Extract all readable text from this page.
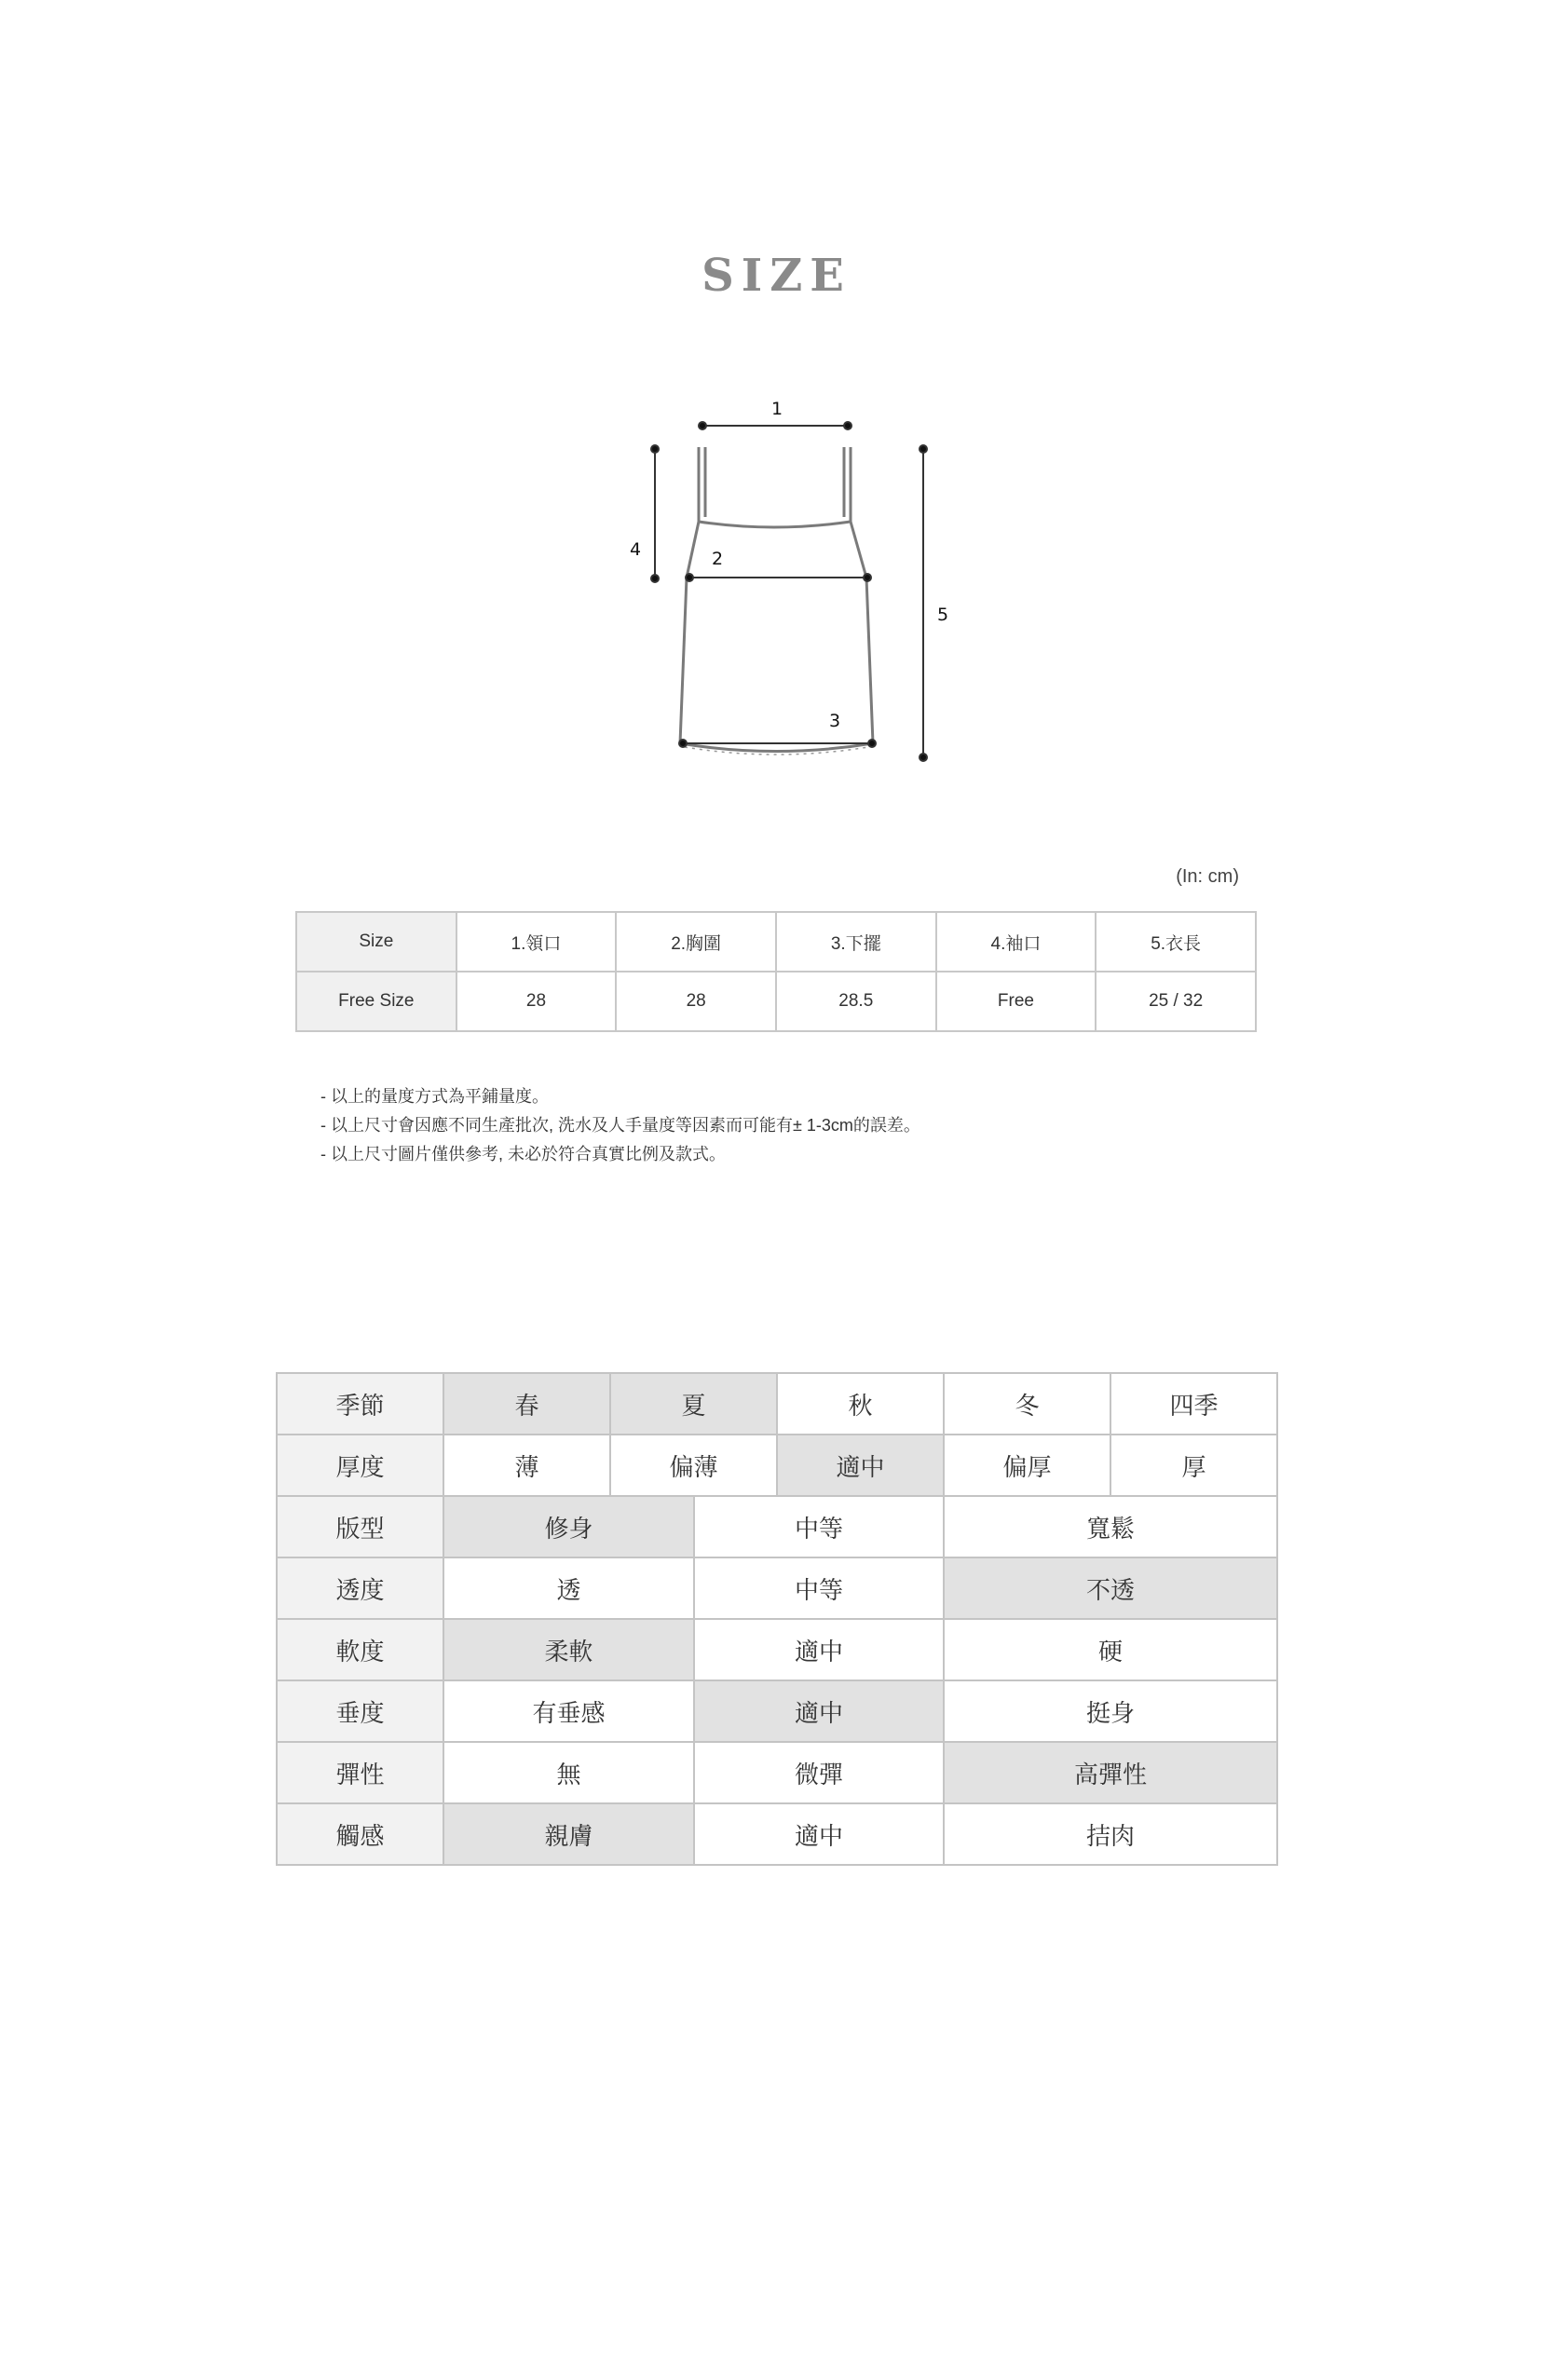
SIZE
1
2
3
4
5
(In: cm)
Size	1.領口	2.胸圍	3.下擺	4.袖口	5.衣長
Free Size	28	28	28.5	Free	25 / 32
- 以上的量度方式為平鋪量度。
- 以上尺寸會因應不同生產批次, 洗水及人手量度等因素而可能有± 1-3cm的誤差。
- 以上尺寸圖片僅供參考, 未必於符合真實比例及款式。
季節	春	夏		秋	冬	四季
厚度	薄	偏薄		適中	偏厚	厚
版型	修身		中等		寬鬆	
透度	透		中等		不透	
軟度	柔軟		適中		硬	
垂度	有垂感		適中		挺身	
彈性	無		微彈		高彈性	
觸感	親膚		適中		拮肉	
